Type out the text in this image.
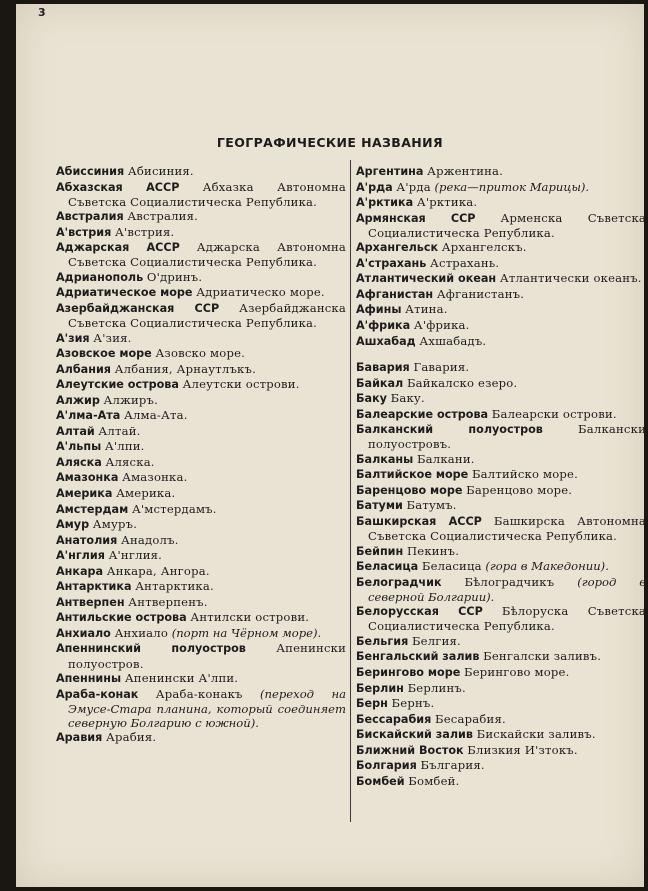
3
ГЕОГРАФИЧЕСКИЕ НАЗВАНИЯ
Абиссиния Абисиния.
Абхазская АССР Абхазка Автономна Съветска Социалистическа Република.
Австралия Австралия.
А'встрия А'встрия.
Аджарская АССР Аджарска Автономна Съветска Социалистическа Република.
Адрианополь О'дринъ.
Адриатическое море Адриатическо море.
Азербайджанская ССР Азербайджанска Съветска Социалистическа Република.
А'зия А'зия.
Азовское море Азовско море.
Албания Албания, Арнаутлъкъ.
Алеутские острова Алеутски острови.
Алжир Алжиръ.
А'лма-Ата Алма-Ата.
Алтай Алтай.
А'льпы А'лпи.
Аляска Аляска.
Амазонка Амазонка.
Америка Америка.
Амстердам А'мстердамъ.
Амур Амуръ.
Анатолия Анадолъ.
А'нглия А'нглия.
Анкара Анкара, Ангора.
Антарктика Антарктика.
Антверпен Антверпенъ.
Антильские острова Антилски острови.
Анхиало Анхиало (порт на Чёрном море).
Апеннинский полуостров	Апенински полуостров.
Апеннины Апенински А'лпи.
Араба-конак Араба-конакъ (переход на Эмусе-Стара планина, который соединяет северную Болгарию с южной).
Аравия Арабия.
Аргентина Аржентина.
А'рда А'рда (река—приток Марицы).
А'рктика А'рктика.
Армянская ССР Арменска Съветска Социалистическа Република.
Архангельск Архангелскъ.
А'страхань Астрахань.
Атлантический океан Атлантически океанъ.
Афганистан Афганистанъ.
Афины Атина.
А'фрика А'фрика.
Ашхабад Ахшабадъ.
Бавария Гавария.
Байкал Байкалско езеро.
Баку Баку.
Балеарские острова Балеарски острови.
Балканский полуостров	Балкански полуостровъ.
Балканы Балкани.
Балтийское море Балтийско море.
Баренцово море Баренцово море.
Батуми Батумъ.
Башкирская АССР Башкирска Автономна Съветска Социалистическа Република.
Бейпин Пекинъ.
Беласица Беласица (гора в Македонии).
Белоградчик Бѣлоградчикъ (город в северной Болгарии).
Белорусская ССР Бѣлоруска Съветска Социалистическа Република.
Бельгия Белгия.
Бенгальский залив Бенгалски заливъ.
Берингово море Берингово море.
Берлин Берлинъ.
Берн Бернъ.
Бессарабия Бесарабия.
Бискайский залив Бискайски заливъ.
Ближний Восток Близкия И'зтокъ.
Болгария България.
Бомбей Бомбей.
